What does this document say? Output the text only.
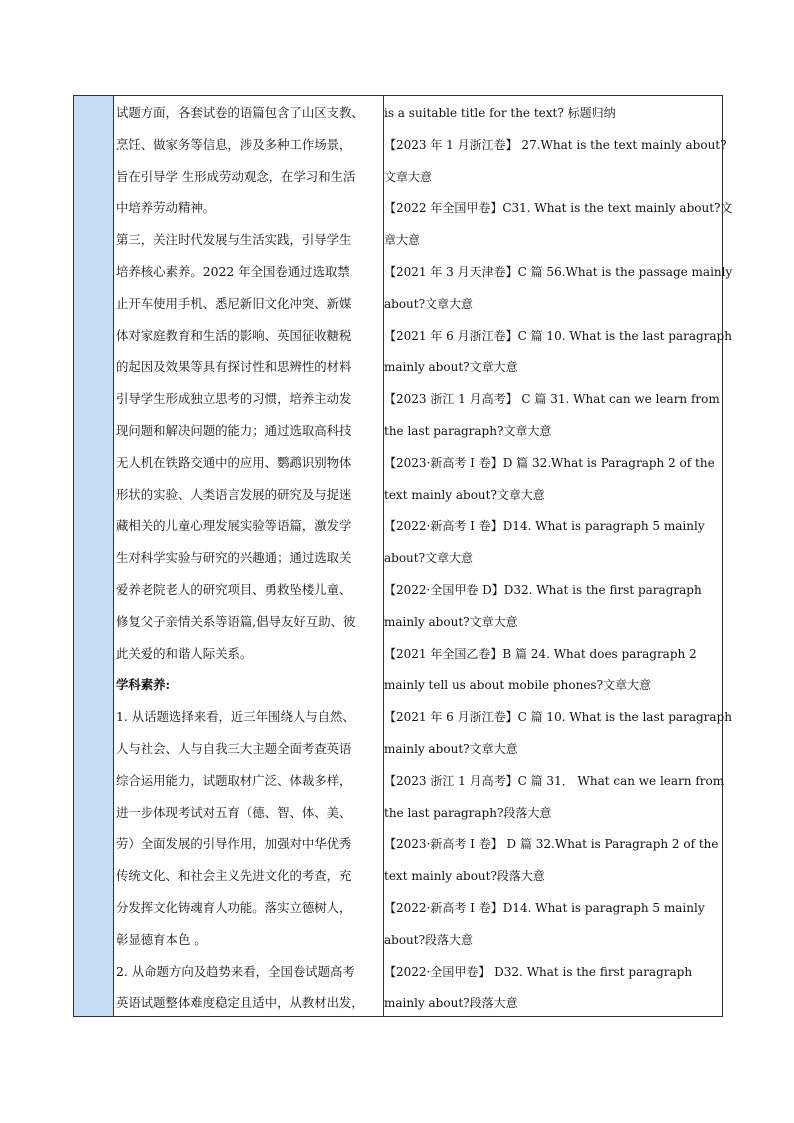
试题方面，各套试卷的语篇包含了山区支教、
烹饪、做家务等信息，涉及多种工作场景，
旨在引导学 生形成劳动观念，在学习和生活
中培养劳动精神。
第三，关注时代发展与生活实践，引导学生
培养核心素养。2022 年全国卷通过选取禁
止开车使用手机、悉尼新旧文化冲突、新媒
体对家庭教育和生活的影响、英国征收糖税
的起因及效果等具有探讨性和思辨性的材料
引导学生形成独立思考的习惯，培养主动发
现问题和解决问题的能力；通过选取高科技
无人机在铁路交通中的应用、鹦鹉识别物体
形状的实验、人类语言发展的研究及与捉迷
藏相关的儿童心理发展实验等语篇，激发学
生对科学实验与研究的兴趣通；通过选取关
爱养老院老人的研究项目、勇救坠楼儿童、
修复父子亲情关系等语篇,倡导友好互助、彼
此关爱的和谐人际关系。
学科素养:
1. 从话题选择来看，近三年围绕人与自然、
人与社会、人与自我三大主题全面考查英语
综合运用能力，试题取材广泛、体裁多样，
进一步体现考试对五育（德、智、体、美、
劳）全面发展的引导作用，加强对中华优秀
传统文化、和社会主义先进文化的考查，充
分发挥文化铸魂育人功能。落实立德树人，
彰显德育本色 。
2. 从命题方向及趋势来看，全国卷试题高考
英语试题整体难度稳定且适中，从教材出发，
is a suitable title for the text? 标题归纳
【2023 年 1 月浙江卷】 27.What is the text mainly about?
文章大意
【2022 年全国甲卷】C31. What is the text mainly about?文
章大意
【2021 年 3 月天津卷】C 篇 56.What is the passage mainly
about?文章大意
【2021 年 6 月浙江卷】C 篇 10. What is the last paragraph
mainly about?文章大意
【2023 浙江 1 月高考】 C 篇 31. What can we learn from
the last paragraph?文章大意
【2023·新高考 I 卷】D 篇 32.What is Paragraph 2 of the
text mainly about?文章大意
【2022·新高考 I 卷】D14. What is paragraph 5 mainly
about?文章大意
【2022·全国甲卷 D】D32. What is the first paragraph
mainly about?文章大意
【2021 年全国乙卷】B 篇 24. What does paragraph 2
mainly tell us about mobile phones?文章大意
【2021 年 6 月浙江卷】C 篇 10. What is the last paragraph
mainly about?文章大意
【2023 浙江 1 月高考】C 篇 31． What can we learn from
the last paragraph?段落大意
【2023·新高考 I 卷】 D 篇 32.What is Paragraph 2 of the
text mainly about?段落大意
【2022·新高考 I 卷】D14. What is paragraph 5 mainly
about?段落大意
【2022·全国甲卷】 D32. What is the first paragraph
mainly about?段落大意
